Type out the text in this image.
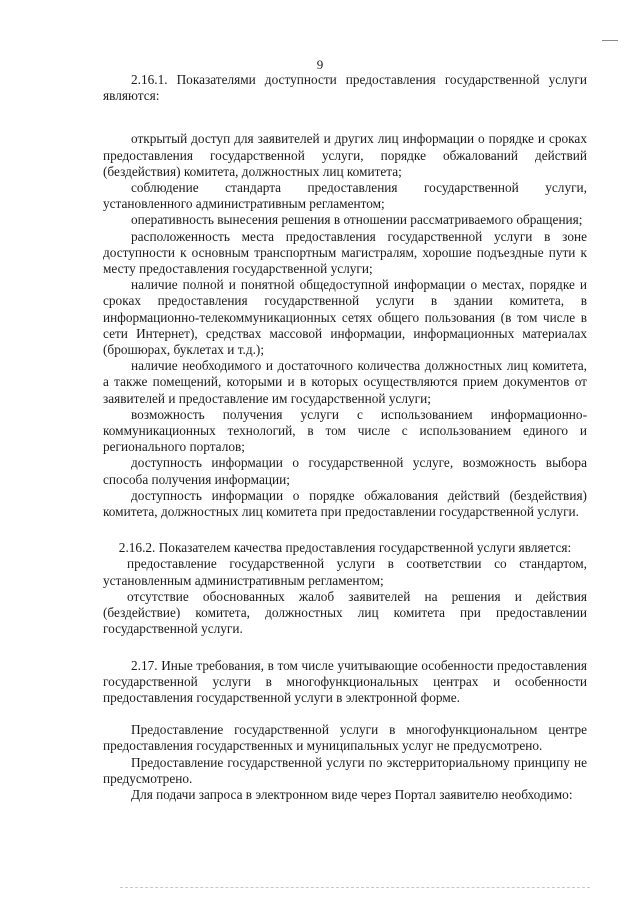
9

2.16.1. Показателями доступности предоставления государственной услуги являются:

открытый доступ для заявителей и других лиц информации о порядке и сроках предоставления государственной услуги, порядке обжалований действий (бездействия) комитета, должностных лиц комитета;

соблюдение стандарта предоставления государственной услуги, установленного административным регламентом;

оперативность вынесения решения в отношении рассматриваемого обращения;

расположенность места предоставления государственной услуги в зоне доступности к основным транспортным магистралям, хорошие подъездные пути к месту предоставления государственной услуги;

наличие полной и понятной общедоступной информации о местах, порядке и сроках предоставления государственной услуги в здании комитета, в информационно-телекоммуникационных сетях общего пользования (в том числе в сети Интернет), средствах массовой информации, информационных материалах (брошюрах, буклетах и т.д.);

наличие необходимого и достаточного количества должностных лиц комитета, а также помещений, которыми и в которых осуществляются прием документов от заявителей и предоставление им государственной услуги;

возможность получения услуги с использованием информационно-коммуникационных технологий, в том числе с использованием единого и регионального порталов;

доступность информации о государственной услуге, возможность выбора способа получения информации;

доступность информации о порядке обжалования действий (бездействия) комитета, должностных лиц комитета при предоставлении государственной услуги.

2.16.2. Показателем качества предоставления государственной услуги является:

предоставление государственной услуги в соответствии со стандартом, установленным административным регламентом;

отсутствие обоснованных жалоб заявителей на решения и действия (бездействие) комитета, должностных лиц комитета при предоставлении государственной услуги.

2.17. Иные требования, в том числе учитывающие особенности предоставления государственной услуги в многофункциональных центрах и особенности предоставления государственной услуги в электронной форме.

Предоставление государственной услуги в многофункциональном центре предоставления государственных и муниципальных услуг не предусмотрено.

Предоставление государственной услуги по экстерриториальному принципу не предусмотрено.

Для подачи запроса в электронном виде через Портал заявителю необходимо:
